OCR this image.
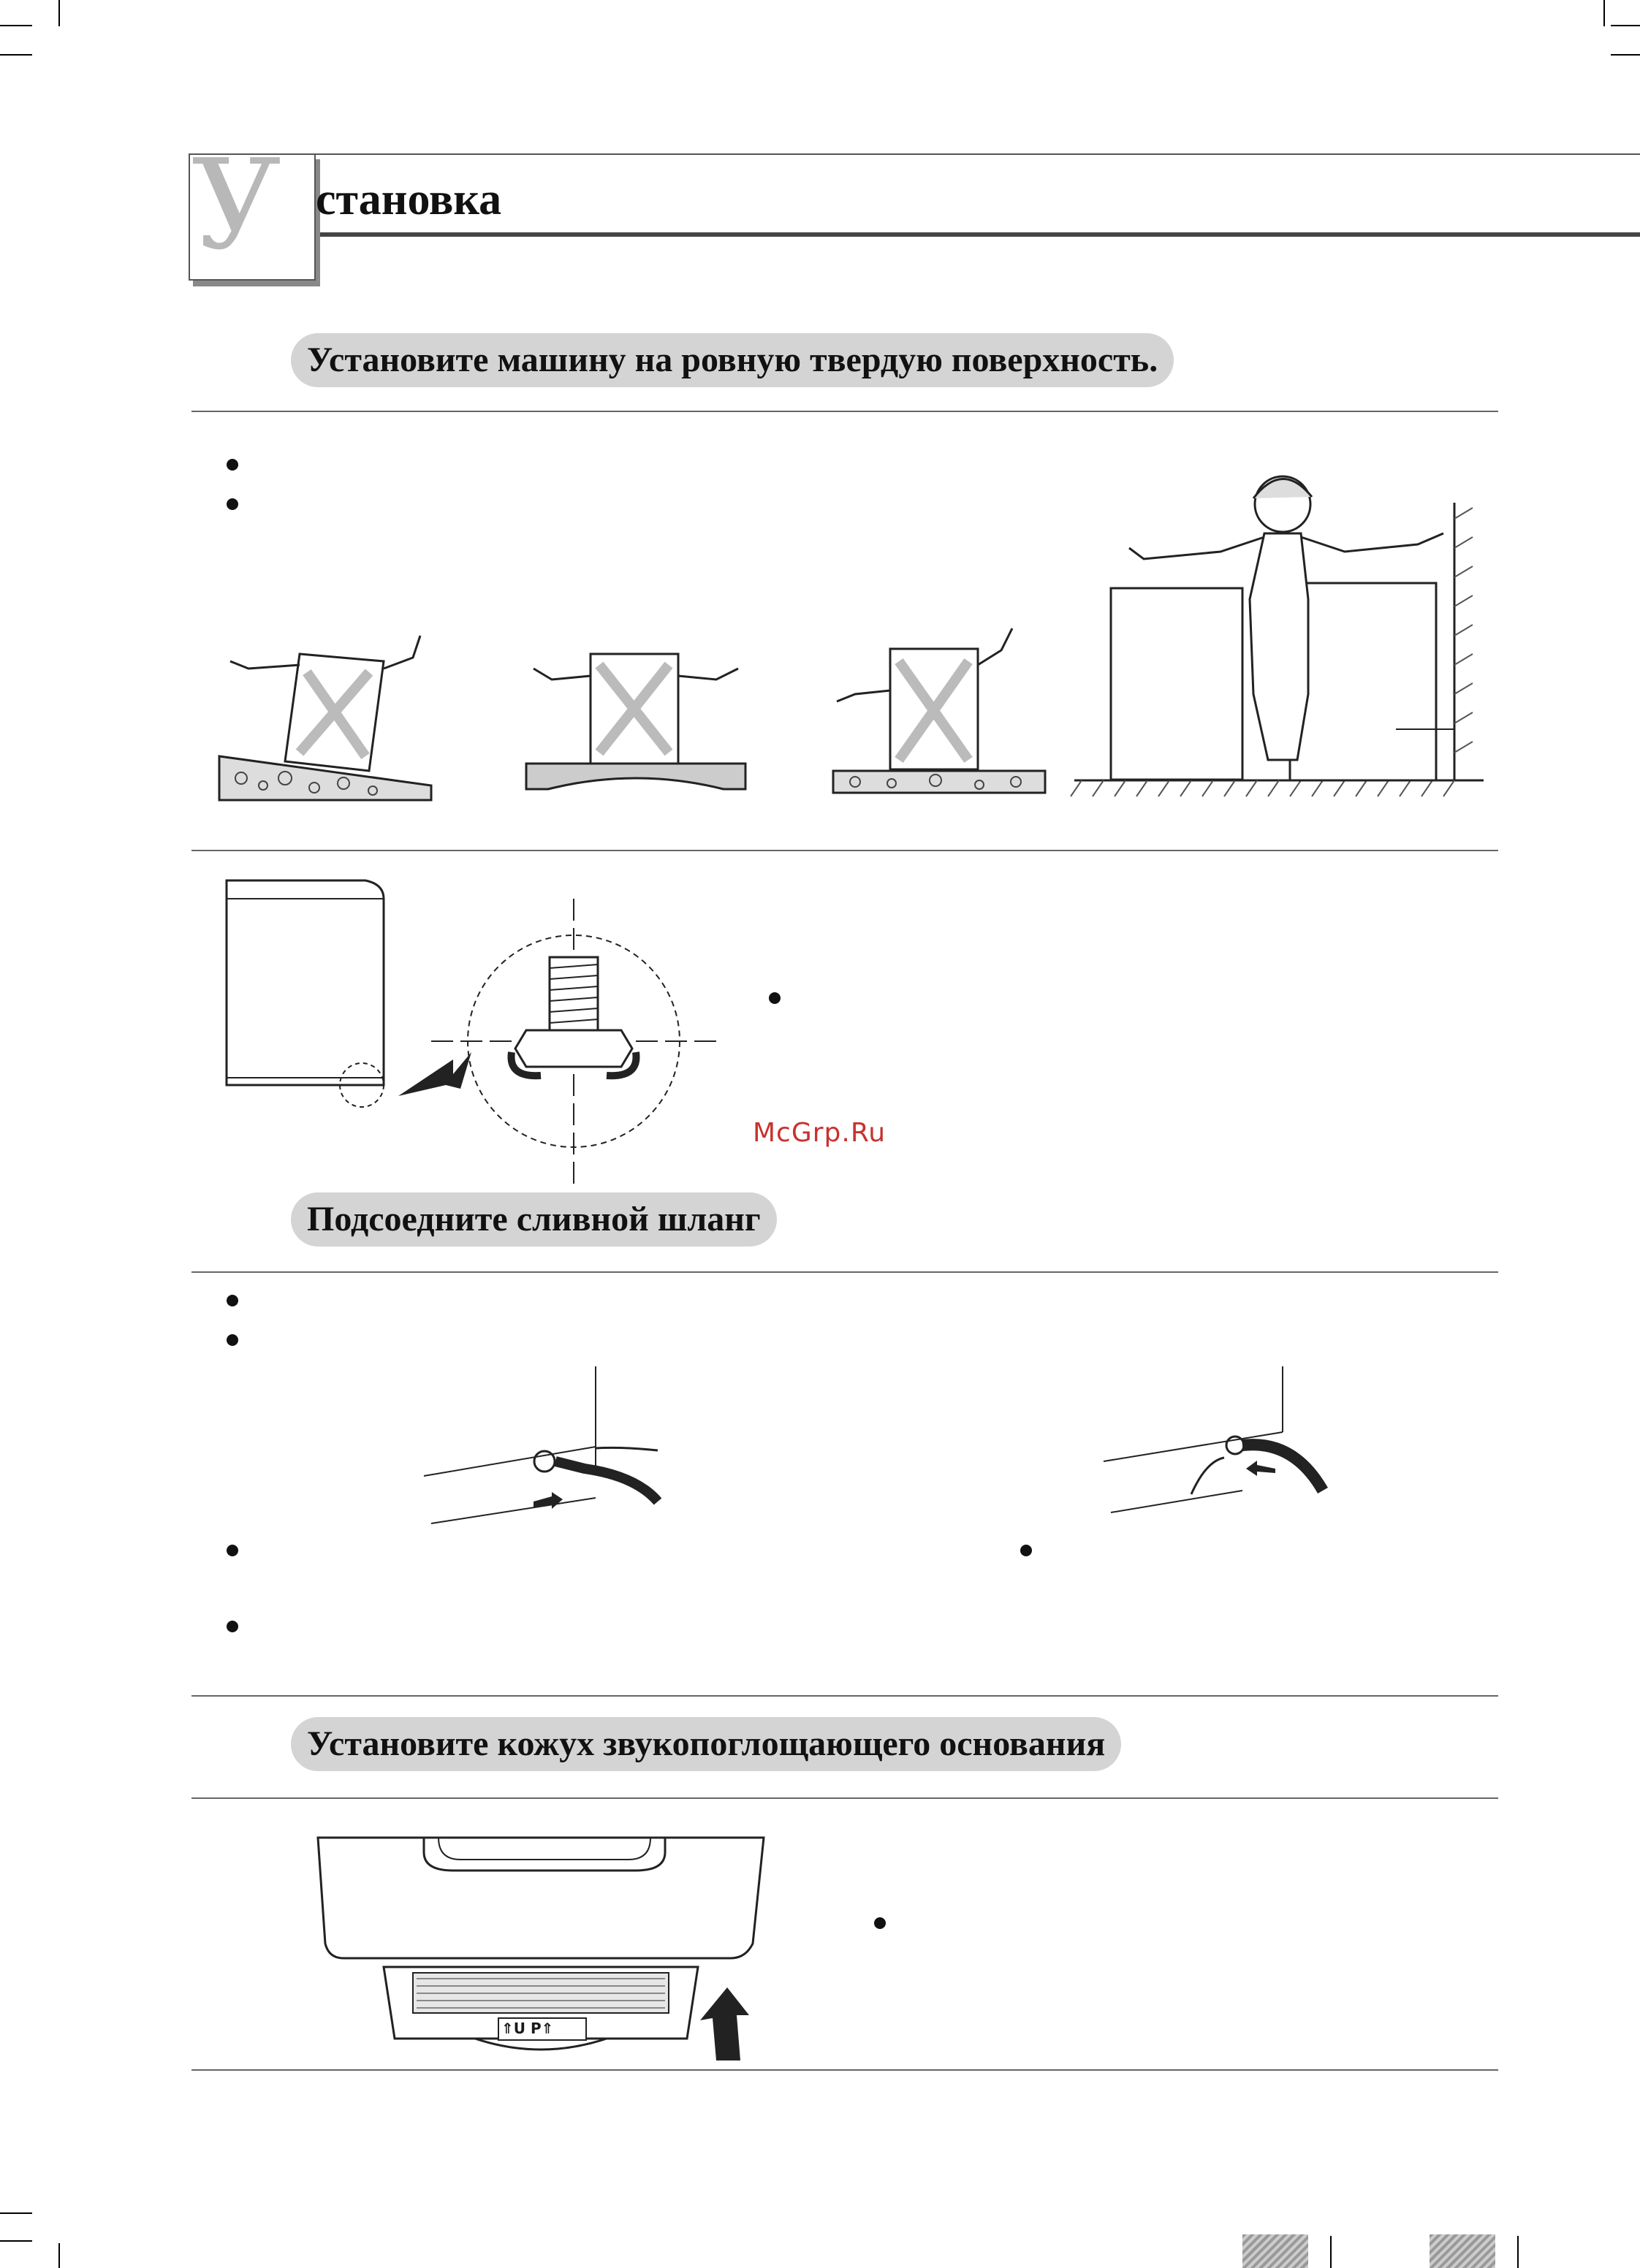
У становка
Установите машину на ровную твердую поверхность.
McGrp.Ru
Подсоедните сливной шланг
Установите кожух звукопоглощающего основания
⇑U P⇑
